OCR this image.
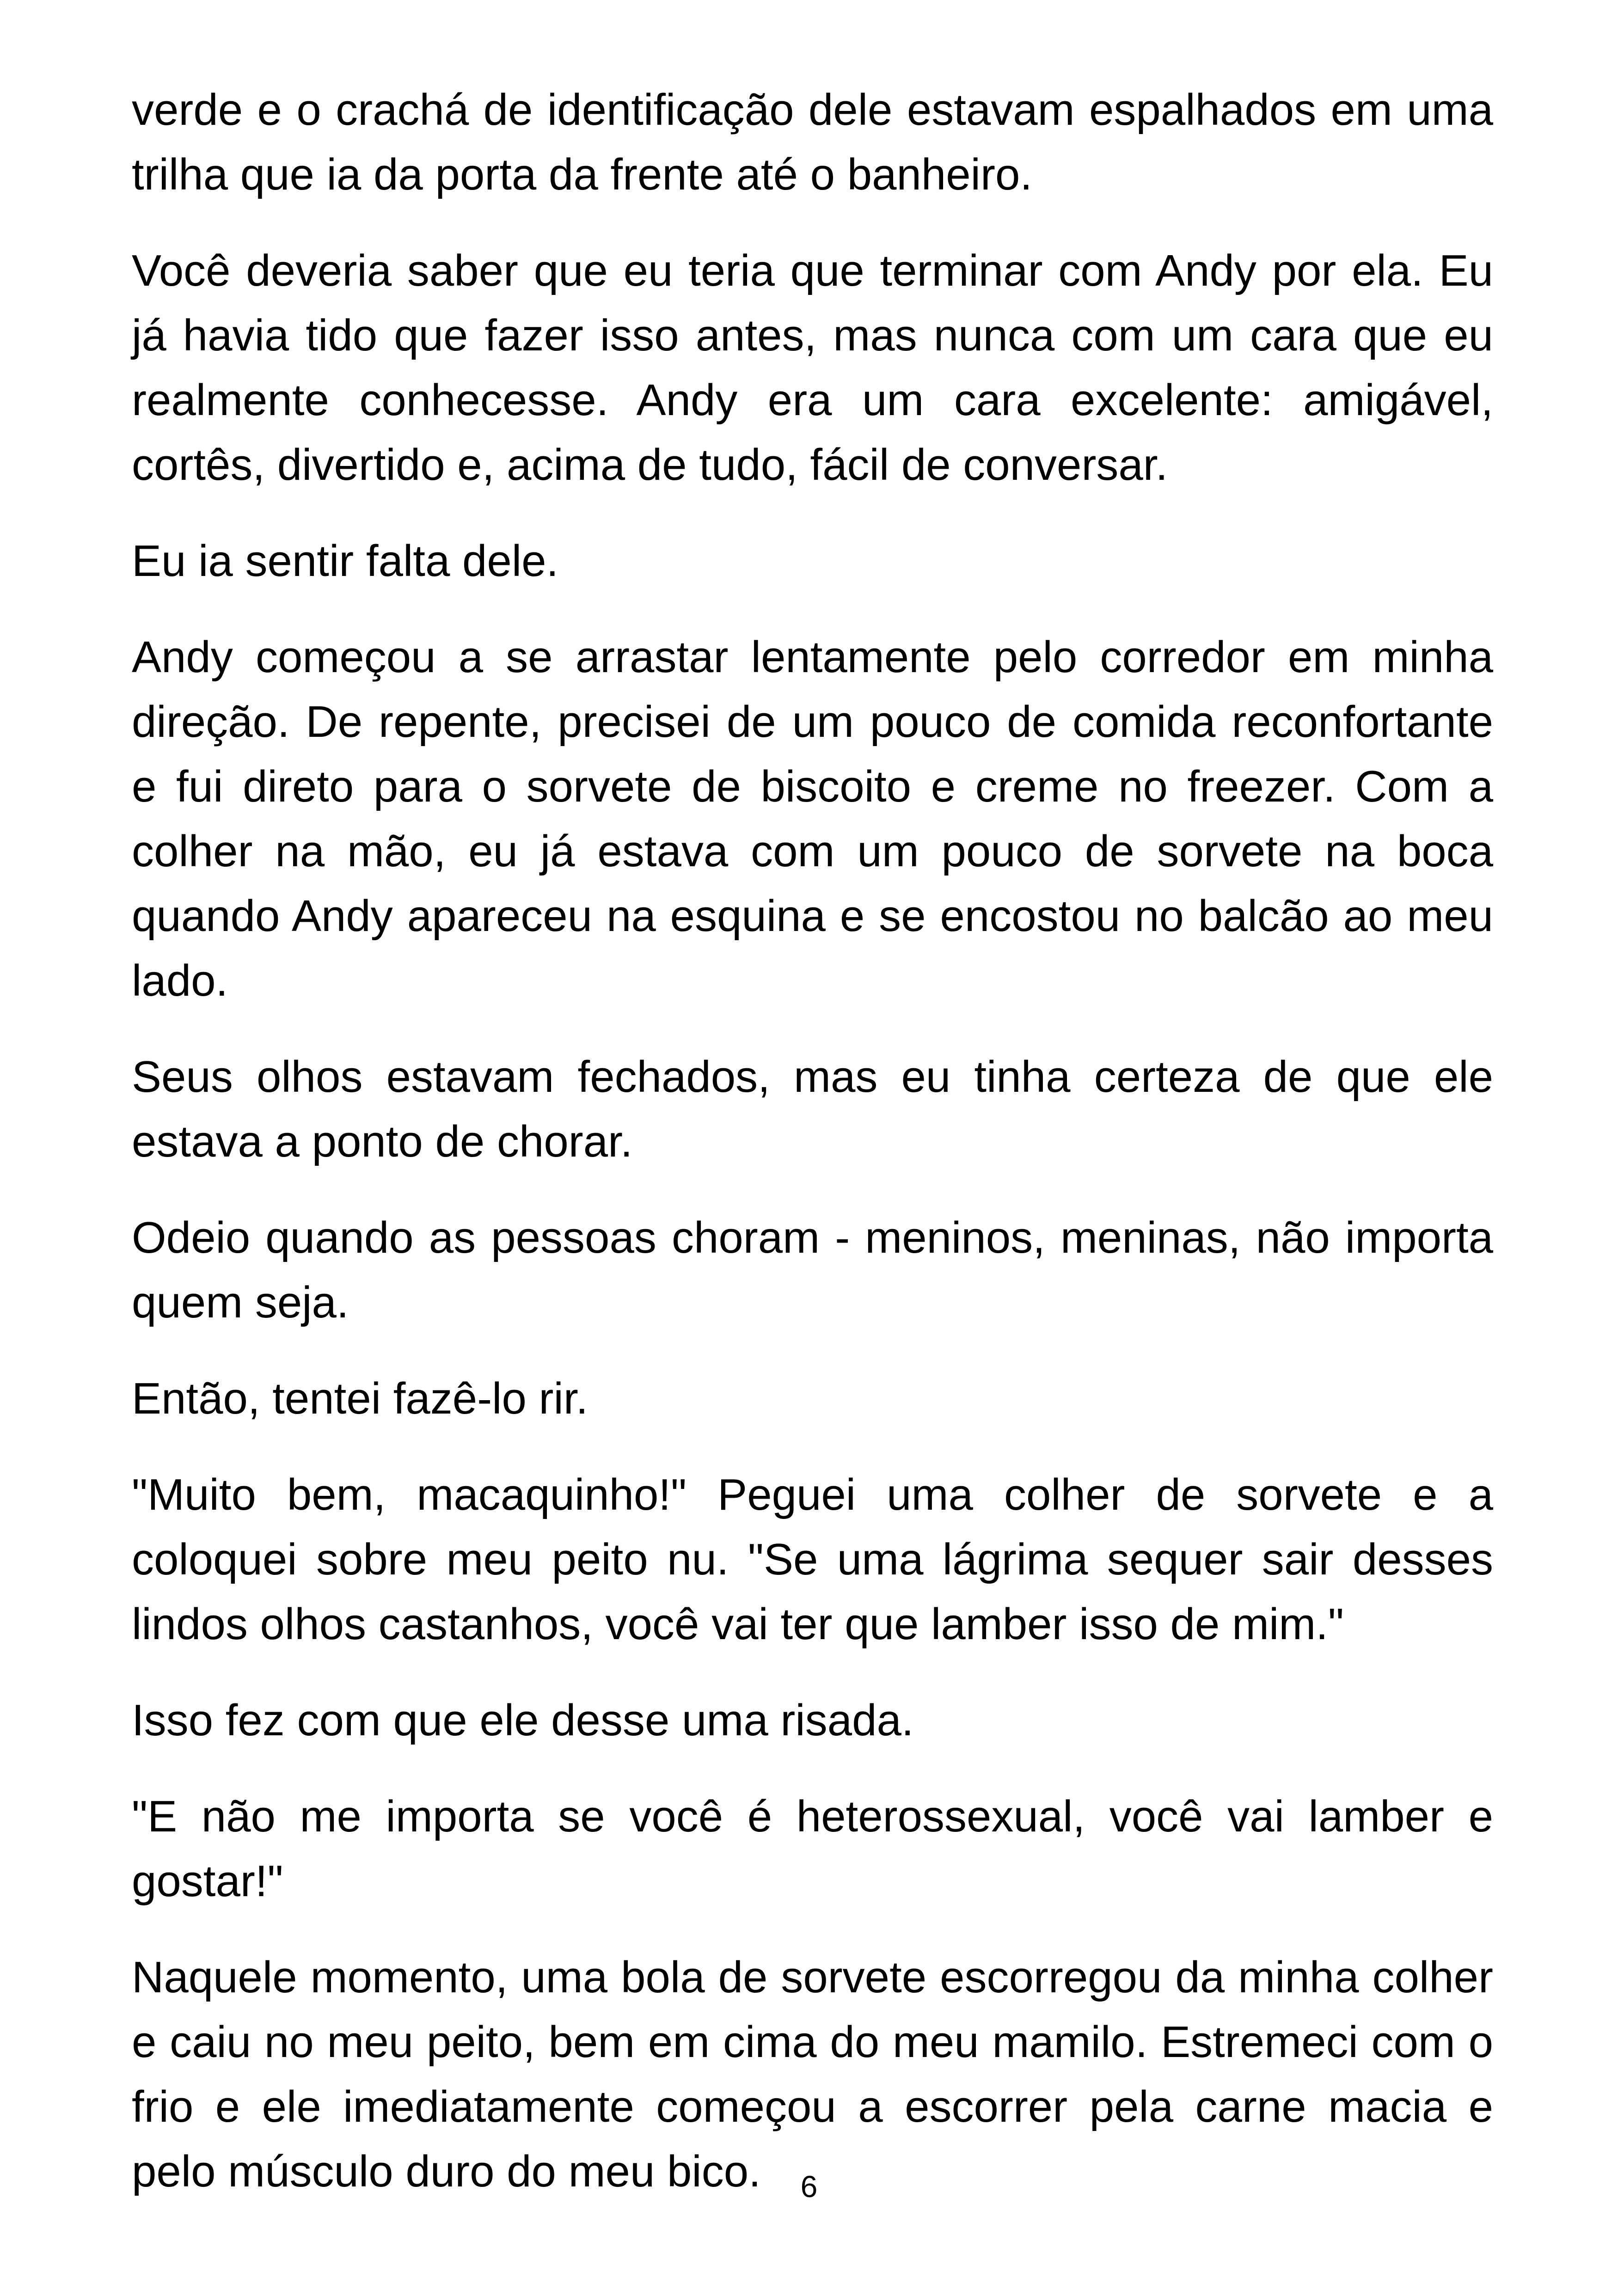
verde e o crachá de identificação dele estavam espalhados em uma trilha que ia da porta da frente até o banheiro.

Você deveria saber que eu teria que terminar com Andy por ela. Eu já havia tido que fazer isso antes, mas nunca com um cara que eu realmente conhecesse. Andy era um cara excelente: amigável, cortês, divertido e, acima de tudo, fácil de conversar.

Eu ia sentir falta dele.

Andy começou a se arrastar lentamente pelo corredor em minha direção. De repente, precisei de um pouco de comida reconfortante e fui direto para o sorvete de biscoito e creme no freezer. Com a colher na mão, eu já estava com um pouco de sorvete na boca quando Andy apareceu na esquina e se encostou no balcão ao meu lado.

Seus olhos estavam fechados, mas eu tinha certeza de que ele estava a ponto de chorar.

Odeio quando as pessoas choram - meninos, meninas, não importa quem seja.

Então, tentei fazê-lo rir.

"Muito bem, macaquinho!" Peguei uma colher de sorvete e a coloquei sobre meu peito nu. "Se uma lágrima sequer sair desses lindos olhos castanhos, você vai ter que lamber isso de mim."

Isso fez com que ele desse uma risada.

"E não me importa se você é heterossexual, você vai lamber e gostar!"

Naquele momento, uma bola de sorvete escorregou da minha colher e caiu no meu peito, bem em cima do meu mamilo. Estremeci com o frio e ele imediatamente começou a escorrer pela carne macia e pelo músculo duro do meu bico.	6
